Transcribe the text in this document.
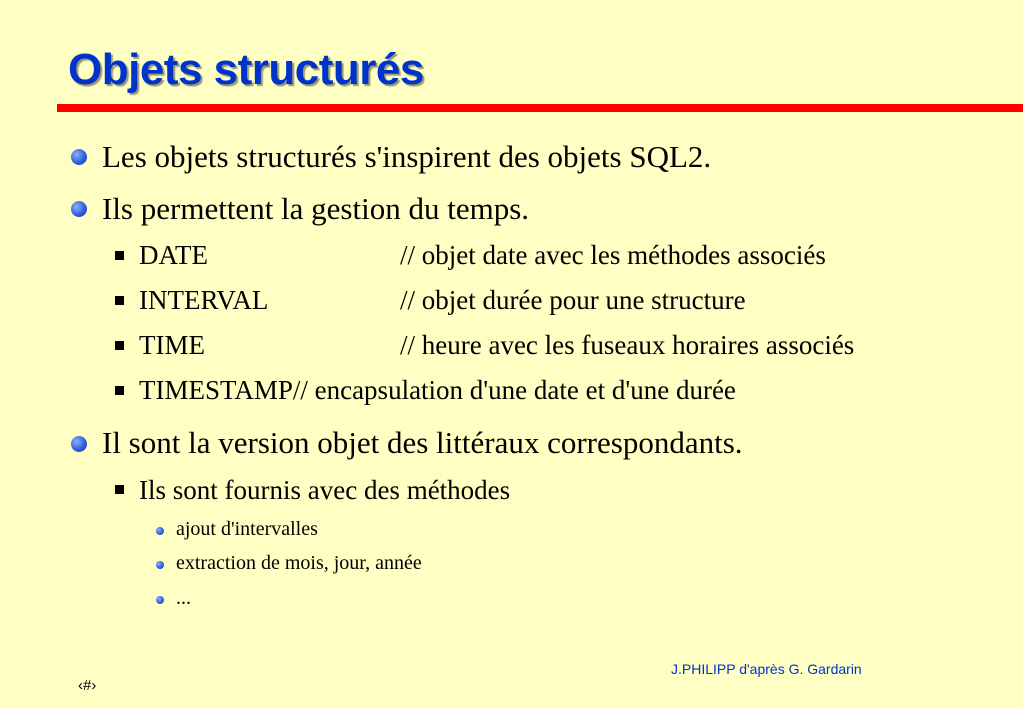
Objets structurés
Les objets structurés s'inspirent des objets SQL2.
Ils permettent la gestion du temps.
DATE	// objet date avec les méthodes associés
INTERVAL	// objet durée pour une structure
TIME	// heure avec les fuseaux horaires associés
TIMESTAMP// encapsulation d'une date et d'une durée
Il sont la version objet des littéraux correspondants.
Ils sont fournis avec des méthodes
ajout d'intervalles
extraction de mois, jour, année
...
J.PHILIPP d'après G. Gardarin
‹#›
